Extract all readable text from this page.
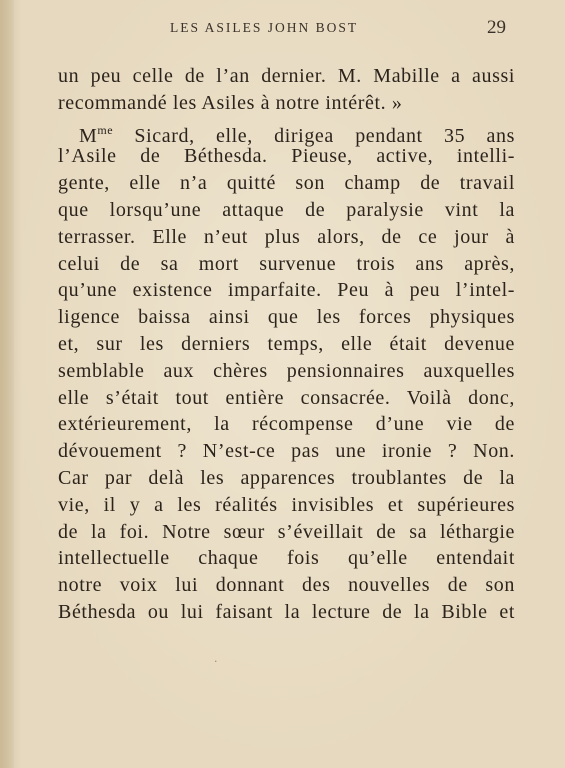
LES ASILES JOHN BOST	29
un peu celle de l’an dernier. M. Mabille a aussi
recommandé les Asiles à notre intérêt. »
$M^{me}$ Sicard, elle, dirigea pendant 35 ans
l’Asile de Béthesda. Pieuse, active, intelli-
gente, elle n’a quitté son champ de travail
que lorsqu’une attaque de paralysie vint la
terrasser. Elle n’eut plus alors, de ce jour à
celui de sa mort survenue trois ans après,
qu’une existence imparfaite. Peu à peu l’intel-
ligence baissa ainsi que les forces physiques
et, sur les derniers temps, elle était devenue
semblable aux chères pensionnaires auxquelles
elle s’était tout entière consacrée. Voilà donc,
extérieurement, la récompense d’une vie de
dévouement ? N’est-ce pas une ironie ? Non.
Car par delà les apparences troublantes de la
vie, il y a les réalités invisibles et supérieures
de la foi. Notre sœur s’éveillait de sa léthargie
intellectuelle chaque fois qu’elle entendait
notre voix lui donnant des nouvelles de son
Béthesda ou lui faisant la lecture de la Bible et
·
